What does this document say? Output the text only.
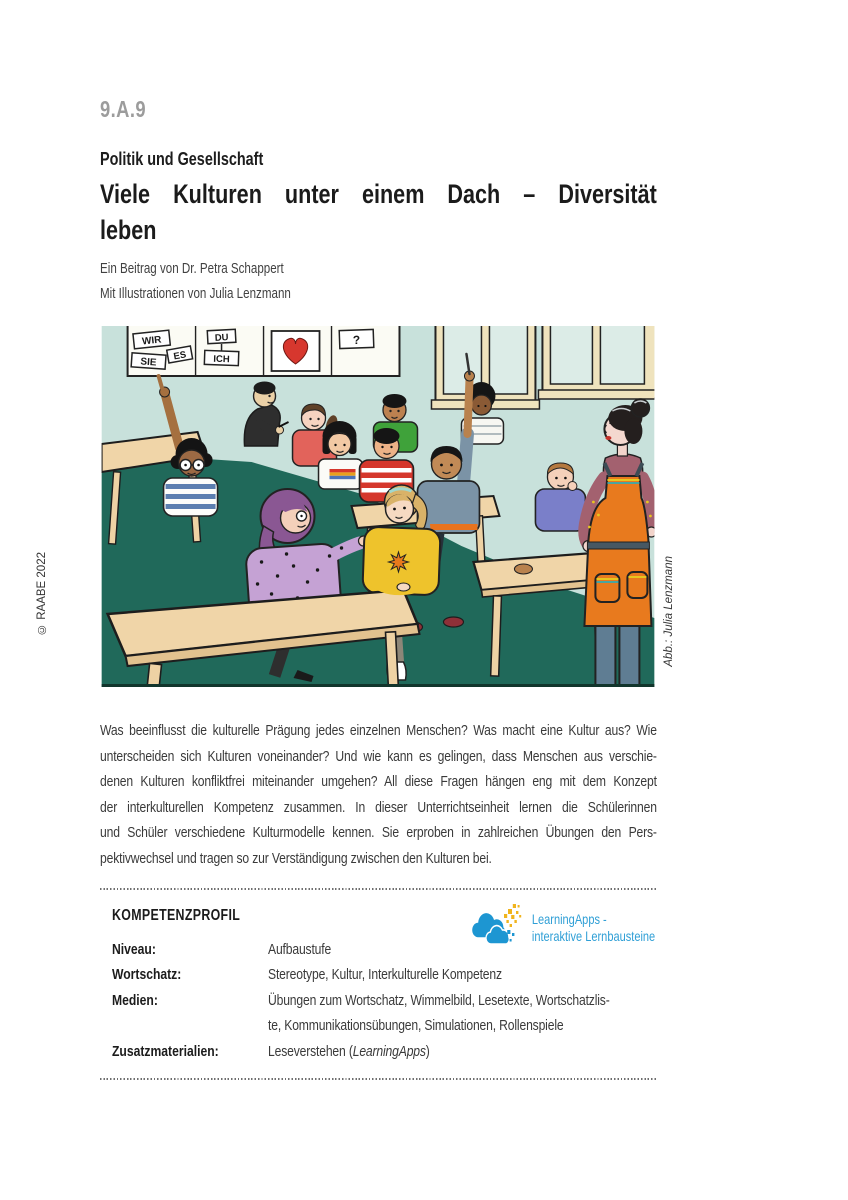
© RAABE 2022	Abb.: Julia Lenzmann
9.A.9
Politik und Gesellschaft
Viele Kulturen unter einem Dach – Diversität
leben
Ein Beitrag von Dr. Petra Schappert
Mit Illustrationen von Julia Lenzmann
WIR
SIE
ES
DU
ICH
?
Was beeinflusst die kulturelle Prägung jedes einzelnen Menschen? Was macht eine Kultur aus? Wie
unterscheiden sich Kulturen voneinander? Und wie kann es gelingen, dass Menschen aus verschie-
denen Kulturen konfliktfrei miteinander umgehen? All diese Fragen hängen eng mit dem Konzept
der interkulturellen Kompetenz zusammen. In dieser Unterrichtseinheit lernen die Schülerinnen
und Schüler verschiedene Kulturmodelle kennen. Sie erproben in zahlreichen Übungen den Pers-
pektivwechsel und tragen so zur Verständigung zwischen den Kulturen bei.
KOMPETENZPROFIL	LearningApps -
interaktive Lernbausteine
Niveau:	Aufbaustufe
Wortschatz:	Stereotype, Kultur, Interkulturelle Kompetenz
Medien:	Übungen zum Wortschatz, Wimmelbild, Lesetexte, Wortschatzlis-
te, Kommunikationsübungen, Simulationen, Rollenspiele
Zusatzmaterialien:	Leseverstehen (LearningApps)
